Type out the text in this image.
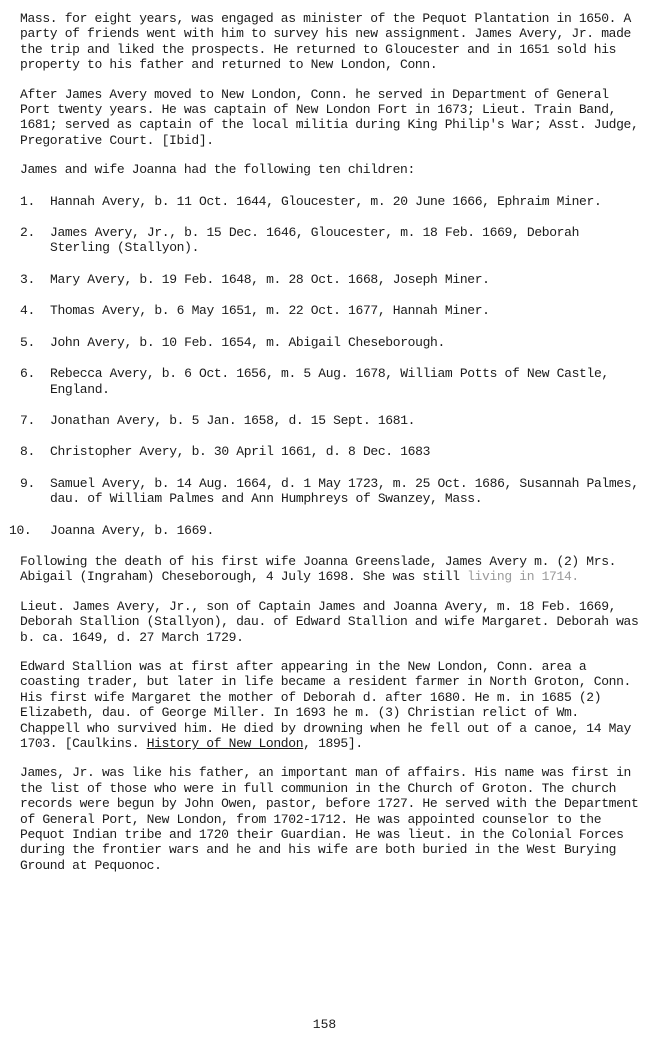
Mass. for eight years, was engaged as minister of the Pequot Plantation in 1650. A party of friends went with him to survey his new assignment. James Avery, Jr. made the trip and liked the prospects. He returned to Gloucester and in 1651 sold his property to his father and returned to New London, Conn.

After James Avery moved to New London, Conn. he served in Department of General Port twenty years. He was captain of New London Fort in 1673; Lieut. Train Band, 1681; served as captain of the local militia during King Philip's War; Asst. Judge, Pregorative Court. [Ibid].

James and wife Joanna had the following ten children:

1.	Hannah Avery, b. 11 Oct. 1644, Gloucester, m. 20 June 1666, Ephraim Miner.
2.	James Avery, Jr., b. 15 Dec. 1646, Gloucester, m. 18 Feb. 1669, Deborah Sterling (Stallyon).
3.	Mary Avery, b. 19 Feb. 1648, m. 28 Oct. 1668, Joseph Miner.
4.	Thomas Avery, b. 6 May 1651, m. 22 Oct. 1677, Hannah Miner.
5.	John Avery, b. 10 Feb. 1654, m. Abigail Cheseborough.
6.	Rebecca Avery, b. 6 Oct. 1656, m. 5 Aug. 1678, William Potts of New Castle, England.
7.	Jonathan Avery, b. 5 Jan. 1658, d. 15 Sept. 1681.
8.	Christopher Avery, b. 30 April 1661, d. 8 Dec. 1683
9.	Samuel Avery, b. 14 Aug. 1664, d. 1 May 1723, m. 25 Oct. 1686, Susannah Palmes, dau. of William Palmes and Ann Humphreys of Swanzey, Mass.
10.	Joanna Avery, b. 1669.

Following the death of his first wife Joanna Greenslade, James Avery m. (2) Mrs. Abigail (Ingraham) Cheseborough, 4 July 1698. She was still living in 1714.

Lieut. James Avery, Jr., son of Captain James and Joanna Avery, m. 18 Feb. 1669, Deborah Stallion (Stallyon), dau. of Edward Stallion and wife Margaret. Deborah was b. ca. 1649, d. 27 March 1729.

Edward Stallion was at first after appearing in the New London, Conn. area a coasting trader, but later in life became a resident farmer in North Groton, Conn. His first wife Margaret the mother of Deborah d. after 1680. He m. in 1685 (2) Elizabeth, dau. of George Miller. In 1693 he m. (3) Christian relict of Wm. Chappell who survived him. He died by drowning when he fell out of a canoe, 14 May 1703. [Caulkins. History of New London, 1895].

James, Jr. was like his father, an important man of affairs. His name was first in the list of those who were in full communion in the Church of Groton. The church records were begun by John Owen, pastor, before 1727. He served with the Department of General Port, New London, from 1702-1712. He was appointed counselor to the Pequot Indian tribe and 1720 their Guardian. He was lieut. in the Colonial Forces during the frontier wars and he and his wife are both buried in the West Burying Ground at Pequonoc.

158
